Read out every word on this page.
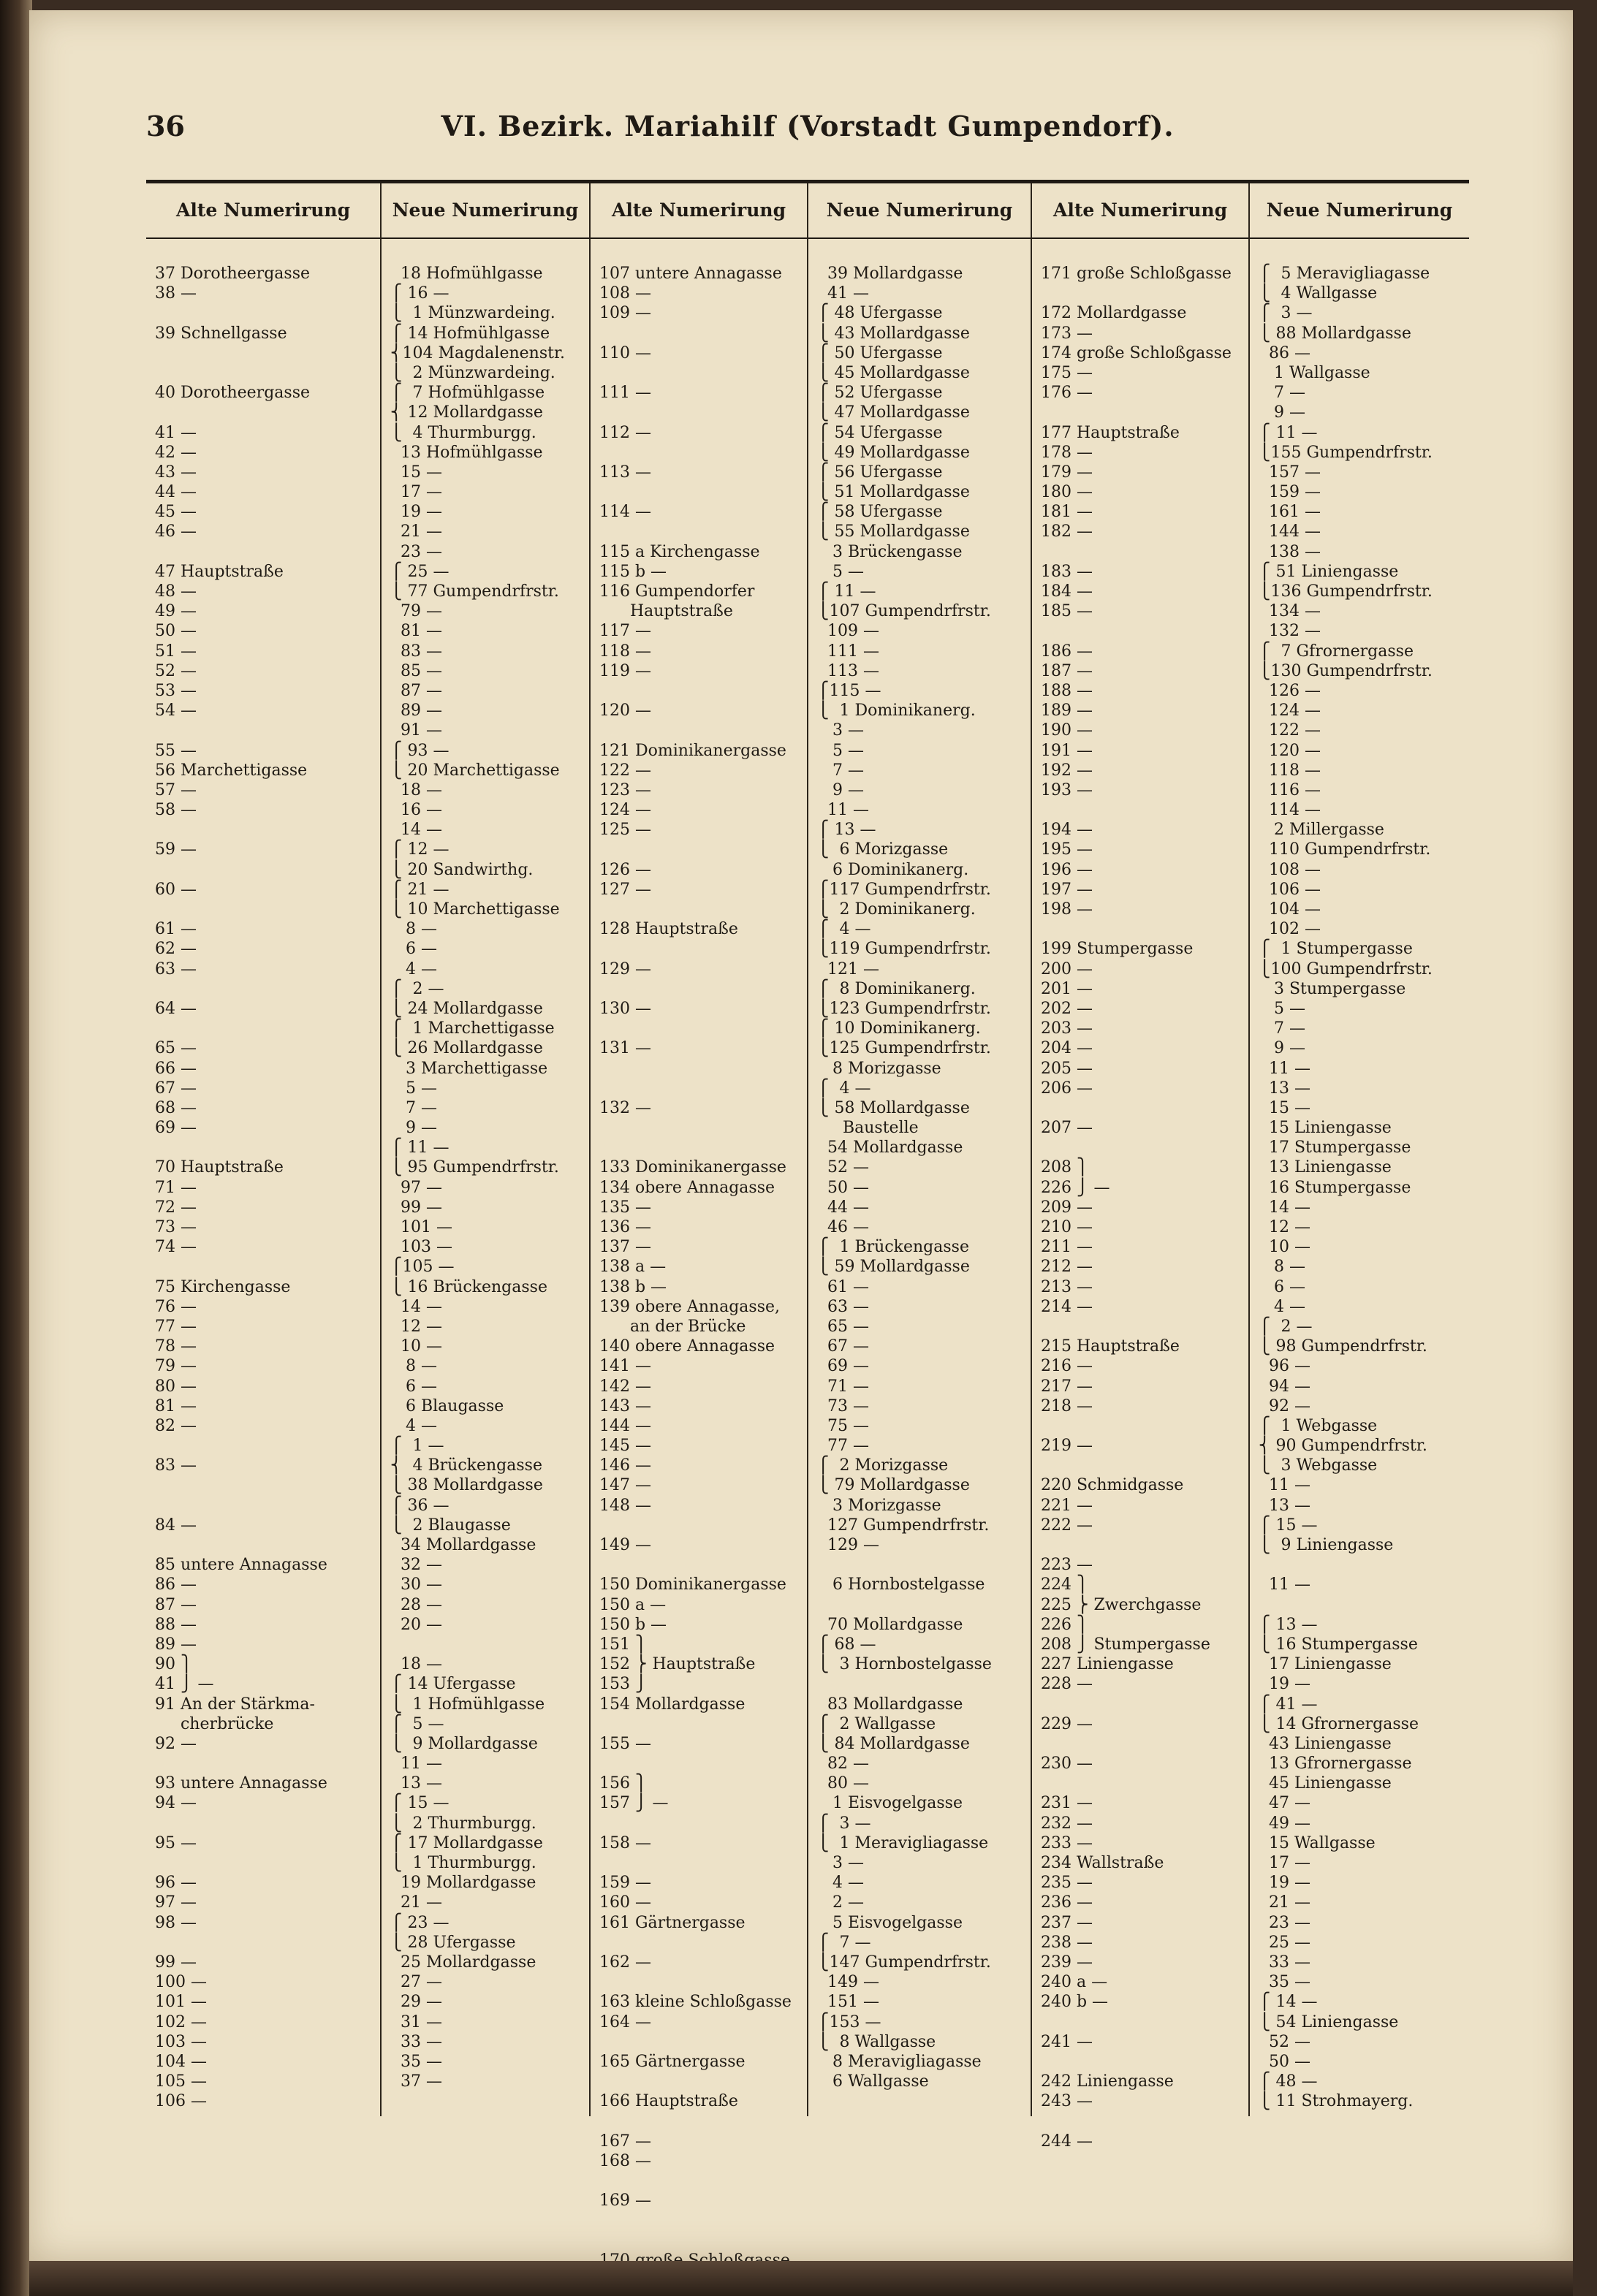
36	VI. Bezirk. Mariahilf (Vorstadt Gumpendorf).
Alte Numerirung
37 Dorotheergasse
38 —
39 Schnellgasse
40 Dorotheergasse
41 —
42 —
43 —
44 —
45 —
46 —
47 Hauptstraße
48 —
49 —
50 —
51 —
52 —
53 —
54 —
55 —
56 Marchettigasse
57 —
58 —
59 —
60 —
61 —
62 —
63 —
64 —
65 —
66 —
67 —
68 —
69 —
70 Hauptstraße
71 —
72 —
73 —
74 —
75 Kirchengasse
76 —
77 —
78 —
79 —
80 —
81 —
82 —
83 —
84 —
85 untere Annagasse
86 —
87 —
88 —
89 —
90 ⎫
41 ⎭ —
91 An der Stärkma-
cherbrücke
92 —
93 untere Annagasse
94 —
95 —
96 —
97 —
98 —
99 —
100 —
101 —
102 —
103 —
104 —
105 —
106 —
Neue Numerirung
18 Hofmühlgasse
⎧ 16 —
⎩  1 Münzwardeing.
⎧ 14 Hofmühlgasse
⎨104 Magdalenenstr.
⎩  2 Münzwardeing.
⎧  7 Hofmühlgasse
⎨ 12 Mollardgasse
⎩  4 Thurmburgg.
13 Hofmühlgasse
15 —
17 —
19 —
21 —
23 —
⎧ 25 —
⎩ 77 Gumpendrfrstr.
79 —
81 —
83 —
85 —
87 —
89 —
91 —
⎧ 93 —
⎩ 20 Marchettigasse
18 —
16 —
14 —
⎧ 12 —
⎩ 20 Sandwirthg.
⎧ 21 —
⎩ 10 Marchettigasse
8 —
6 —
4 —
⎧  2 —
⎩ 24 Mollardgasse
⎧  1 Marchettigasse
⎩ 26 Mollardgasse
3 Marchettigasse
5 —
7 —
9 —
⎧ 11 —
⎩ 95 Gumpendrfrstr.
97 —
99 —
101 —
103 —
⎧105 —
⎩ 16 Brückengasse
14 —
12 —
10 —
8 —
6 —
6 Blaugasse
4 —
⎧  1 —
⎨  4 Brückengasse
⎩ 38 Mollardgasse
⎧ 36 —
⎩  2 Blaugasse
34 Mollardgasse
32 —
30 —
28 —
20 —
18 —
⎧ 14 Ufergasse
⎩  1 Hofmühlgasse
⎧  5 —
⎩  9 Mollardgasse
11 —
13 —
⎧ 15 —
⎩  2 Thurmburgg.
⎧ 17 Mollardgasse
⎩  1 Thurmburgg.
19 Mollardgasse
21 —
⎧ 23 —
⎩ 28 Ufergasse
25 Mollardgasse
27 —
29 —
31 —
33 —
35 —
37 —
Alte Numerirung
107 untere Annagasse
108 —
109 —
110 —
111 —
112 —
113 —
114 —
115 a Kirchengasse
115 b —
116 Gumpendorfer
Hauptstraße
117 —
118 —
119 —
120 —
121 Dominikanergasse
122 —
123 —
124 —
125 —
126 —
127 —
128 Hauptstraße
129 —
130 —
131 —
132 —
133 Dominikanergasse
134 obere Annagasse
135 —
136 —
137 —
138 a —
138 b —
139 obere Annagasse,
an der Brücke
140 obere Annagasse
141 —
142 —
143 —
144 —
145 —
146 —
147 —
148 —
149 —
150 Dominikanergasse
150 a —
150 b —
151 ⎫
152 ⎬ Hauptstraße
153 ⎭
154 Mollardgasse
155 —
156 ⎫
157 ⎭ —
158 —
159 —
160 —
161 Gärtnergasse
162 —
163 kleine Schloßgasse
164 —
165 Gärtnergasse
166 Hauptstraße
167 —
168 —
169 —
Neue Numerirung
39 Mollardgasse
41 —
⎧ 48 Ufergasse
⎩ 43 Mollardgasse
⎧ 50 Ufergasse
⎩ 45 Mollardgasse
⎧ 52 Ufergasse
⎩ 47 Mollardgasse
⎧ 54 Ufergasse
⎩ 49 Mollardgasse
⎧ 56 Ufergasse
⎩ 51 Mollardgasse
⎧ 58 Ufergasse
⎩ 55 Mollardgasse
3 Brückengasse
5 —
⎧ 11 —
⎩107 Gumpendrfrstr.
109 —
111 —
113 —
⎧115 —
⎩  1 Dominikanerg.
3 —
5 —
7 —
9 —
11 —
⎧ 13 —
⎩  6 Morizgasse
6 Dominikanerg.
⎧117 Gumpendrfrstr.
⎩  2 Dominikanerg.
⎧  4 —
⎩119 Gumpendrfrstr.
121 —
⎧  8 Dominikanerg.
⎩123 Gumpendrfrstr.
⎧ 10 Dominikanerg.
⎩125 Gumpendrfrstr.
8 Morizgasse
⎧  4 —
⎩ 58 Mollardgasse
Baustelle
54 Mollardgasse
52 —
50 —
44 —
46 —
⎧  1 Brückengasse
⎩ 59 Mollardgasse
61 —
63 —
65 —
67 —
69 —
71 —
73 —
75 —
77 —
⎧  2 Morizgasse
⎩ 79 Mollardgasse
3 Morizgasse
127 Gumpendrfrstr.
129 —
6 Hornbostelgasse
70 Mollardgasse
⎧ 68 —
⎩  3 Hornbostelgasse
83 Mollardgasse
⎧  2 Wallgasse
⎩ 84 Mollardgasse
82 —
80 —
1 Eisvogelgasse
⎧  3 —
⎩  1 Meravigliagasse
3 —
4 —
2 —
5 Eisvogelgasse
⎧  7 —
⎩147 Gumpendrfrstr.
149 —
151 —
⎧153 —
⎩  8 Wallgasse
8 Meravigliagasse
6 Wallgasse
Alte Numerirung
171 große Schloßgasse
172 Mollardgasse
173 —
174 große Schloßgasse
175 —
176 —
177 Hauptstraße
178 —
179 —
180 —
181 —
182 —
183 —
184 —
185 —
186 —
187 —
188 —
189 —
190 —
191 —
192 —
193 —
194 —
195 —
196 —
197 —
198 —
199 Stumpergasse
200 —
201 —
202 —
203 —
204 —
205 —
206 —
207 —
208 ⎫
226 ⎭ —
209 —
210 —
211 —
212 —
213 —
214 —
215 Hauptstraße
216 —
217 —
218 —
219 —
220 Schmidgasse
221 —
222 —
223 —
224 ⎫
225 ⎬ Zwerchgasse
226 ⎫
208 ⎭ Stumpergasse
227 Liniengasse
228 —
229 —
230 —
231 —
232 —
233 —
234 Wallstraße
235 —
236 —
237 —
238 —
239 —
240 a —
240 b —
241 —
242 Liniengasse
243 —
244 —
Neue Numerirung
⎧  5 Meravigliagasse
⎩  4 Wallgasse
⎧  3 —
⎩ 88 Mollardgasse
86 —
1 Wallgasse
7 —
9 —
⎧ 11 —
⎩155 Gumpendrfrstr.
157 —
159 —
161 —
144 —
138 —
⎧ 51 Liniengasse
⎩136 Gumpendrfrstr.
134 —
132 —
⎧  7 Gfrornergasse
⎩130 Gumpendrfrstr.
126 —
124 —
122 —
120 —
118 —
116 —
114 —
2 Millergasse
110 Gumpendrfrstr.
108 —
106 —
104 —
102 —
⎧  1 Stumpergasse
⎩100 Gumpendrfrstr.
3 Stumpergasse
5 —
7 —
9 —
11 —
13 —
15 —
15 Liniengasse
17 Stumpergasse
13 Liniengasse
16 Stumpergasse
14 —
12 —
10 —
8 —
6 —
4 —
⎧  2 —
⎩ 98 Gumpendrfrstr.
96 —
94 —
92 —
⎧  1 Webgasse
⎨ 90 Gumpendrfrstr.
⎩  3 Webgasse
11 —
13 —
⎧ 15 —
⎩  9 Liniengasse
11 —
⎧ 13 —
⎩ 16 Stumpergasse
17 Liniengasse
19 —
⎧ 41 —
⎩ 14 Gfrornergasse
43 Liniengasse
13 Gfrornergasse
45 Liniengasse
47 —
49 —
15 Wallgasse
17 —
19 —
21 —
23 —
25 —
33 —
35 —
⎧ 14 —
⎩ 54 Liniengasse
52 —
50 —
⎧ 48 —
⎩ 11 Strohmayerg.
